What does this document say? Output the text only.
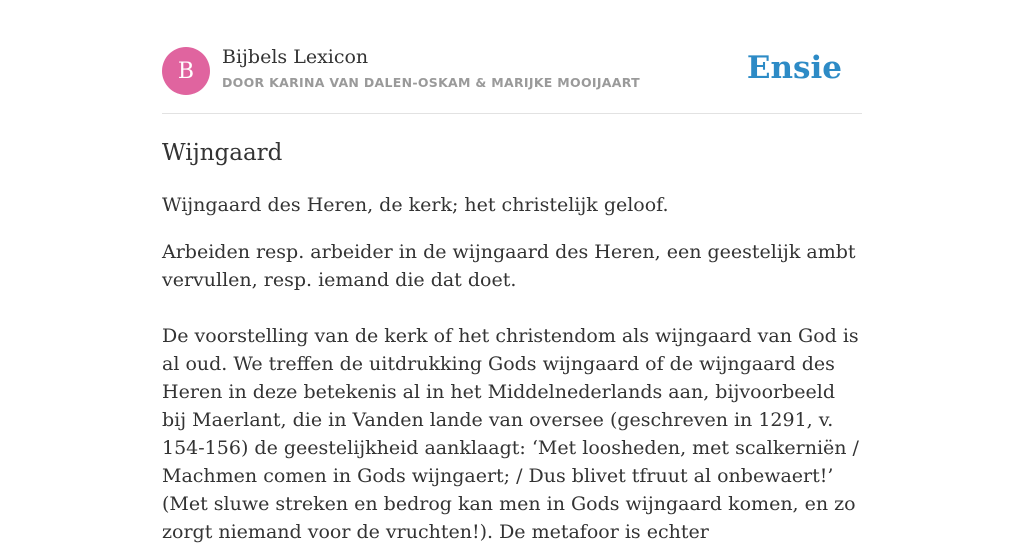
B
Bijbels Lexicon
DOOR KARINA VAN DALEN-OSKAM & MARIJKE MOOIJAART	Ensie
Wijngaard

Wijngaard des Heren, de kerk; het christelijk geloof.

Arbeiden resp. arbeider in de wijngaard des Heren, een geestelijk ambt vervullen, resp. iemand die dat doet.

De voorstelling van de kerk of het christendom als wijngaard van God is al oud. We treffen de uitdrukking Gods wijngaard of de wijngaard des Heren in deze betekenis al in het Middelnederlands aan, bijvoorbeeld bij Maerlant, die in Vanden lande van oversee (geschreven in 1291, v. 154-156) de geestelijkheid aanklaagt: ‘Met loosheden, met scalkerniën / Machmen comen in Gods wijngaert; / Dus blivet tfruut al onbewaert!’ (Met sluwe streken en bedrog kan men in Gods wijngaard komen, en zo zorgt niemand voor de vruchten!). De metafoor is echter
